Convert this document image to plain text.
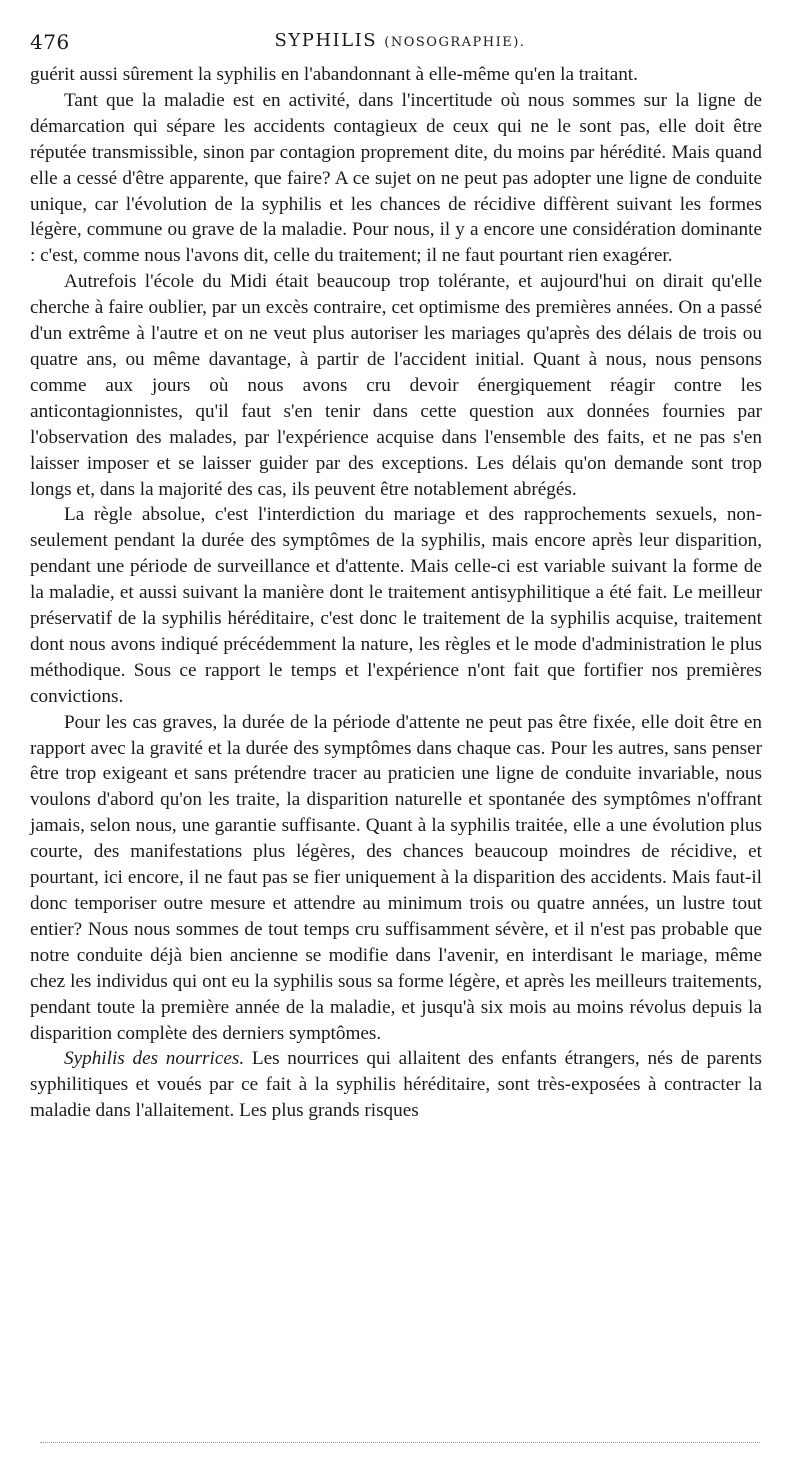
476	SYPHILIS (NOSOGRAPHIE).

guérit aussi sûrement la syphilis en l'abandonnant à elle-même qu'en la traitant.

Tant que la maladie est en activité, dans l'incertitude où nous sommes sur la ligne de démarcation qui sépare les accidents contagieux de ceux qui ne le sont pas, elle doit être réputée transmissible, sinon par contagion proprement dite, du moins par hérédité. Mais quand elle a cessé d'être apparente, que faire? A ce sujet on ne peut pas adopter une ligne de conduite unique, car l'évolution de la syphilis et les chances de récidive diffèrent suivant les formes légère, commune ou grave de la maladie. Pour nous, il y a encore une considération dominante : c'est, comme nous l'avons dit, celle du traitement; il ne faut pourtant rien exagérer.

Autrefois l'école du Midi était beaucoup trop tolérante, et aujourd'hui on dirait qu'elle cherche à faire oublier, par un excès contraire, cet optimisme des premières années. On a passé d'un extrême à l'autre et on ne veut plus autoriser les mariages qu'après des délais de trois ou quatre ans, ou même davantage, à partir de l'accident initial. Quant à nous, nous pensons comme aux jours où nous avons cru devoir énergiquement réagir contre les anticontagionnistes, qu'il faut s'en tenir dans cette question aux données fournies par l'observation des malades, par l'expérience acquise dans l'ensemble des faits, et ne pas s'en laisser imposer et se laisser guider par des exceptions. Les délais qu'on demande sont trop longs et, dans la majorité des cas, ils peuvent être notablement abrégés.

La règle absolue, c'est l'interdiction du mariage et des rapprochements sexuels, non-seulement pendant la durée des symptômes de la syphilis, mais encore après leur disparition, pendant une période de surveillance et d'attente. Mais celle-ci est variable suivant la forme de la maladie, et aussi suivant la manière dont le traitement antisyphilitique a été fait. Le meilleur préservatif de la syphilis héréditaire, c'est donc le traitement de la syphilis acquise, traitement dont nous avons indiqué précédemment la nature, les règles et le mode d'administration le plus méthodique. Sous ce rapport le temps et l'expérience n'ont fait que fortifier nos premières convictions.

Pour les cas graves, la durée de la période d'attente ne peut pas être fixée, elle doit être en rapport avec la gravité et la durée des symptômes dans chaque cas. Pour les autres, sans penser être trop exigeant et sans prétendre tracer au praticien une ligne de conduite invariable, nous voulons d'abord qu'on les traite, la disparition naturelle et spontanée des symptômes n'offrant jamais, selon nous, une garantie suffisante. Quant à la syphilis traitée, elle a une évolution plus courte, des manifestations plus légères, des chances beaucoup moindres de récidive, et pourtant, ici encore, il ne faut pas se fier uniquement à la disparition des accidents. Mais faut-il donc temporiser outre mesure et attendre au minimum trois ou quatre années, un lustre tout entier? Nous nous sommes de tout temps cru suffisamment sévère, et il n'est pas probable que notre conduite déjà bien ancienne se modifie dans l'avenir, en interdisant le mariage, même chez les individus qui ont eu la syphilis sous sa forme légère, et après les meilleurs traitements, pendant toute la première année de la maladie, et jusqu'à six mois au moins révolus depuis la disparition complète des derniers symptômes.

Syphilis des nourrices. Les nourrices qui allaitent des enfants étrangers, nés de parents syphilitiques et voués par ce fait à la syphilis héréditaire, sont très-exposées à contracter la maladie dans l'allaitement. Les plus grands risques
